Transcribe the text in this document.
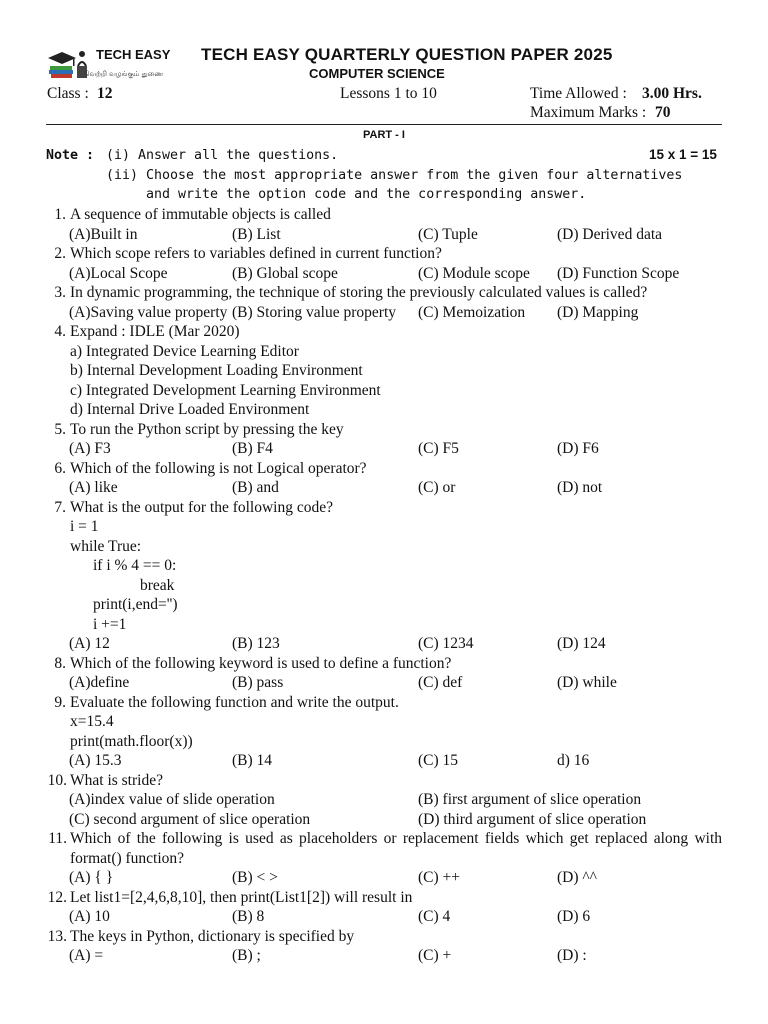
TECH EASY
வெற்றி வழங்கும் துணை
TECH EASY QUARTERLY QUESTION PAPER 2025
COMPUTER SCIENCE
Class : 12	Lessons 1 to 10	Time Allowed : 3.00 Hrs.
Maximum Marks : 70
PART - I
Note : (i) Answer all the questions.	15 x 1 = 15
(ii) Choose the most appropriate answer from the given four alternatives
and write the option code and the corresponding answer.
1. A sequence of immutable objects is called
(A)Built in	(B) List	(C) Tuple	(D) Derived data
2. Which scope refers to variables defined in current function?
(A)Local Scope	(B) Global scope	(C) Module scope (D) Function Scope
3. In dynamic programming, the technique of storing the previously calculated values is called?
(A)Saving value property (B) Storing value property (C) Memoization (D) Mapping
4. Expand : IDLE (Mar 2020)
a) Integrated Device Learning Editor
b) Internal Development Loading Environment
c) Integrated Development Learning Environment
d) Internal Drive Loaded Environment
5. To run the Python script by pressing the key
(A) F3	(B) F4	(C) F5	(D) F6
6. Which of the following is not Logical operator?
(A) like	(B) and	(C) or	(D) not
7. What is the output for the following code?
i = 1
while True:
if i % 4 == 0:
break
print(i,end='')
i +=1
(A) 12	(B) 123	(C) 1234	(D) 124
8. Which of the following keyword is used to define a function?
(A)define	(B) pass	(C) def	(D) while
9. Evaluate the following function and write the output.
x=15.4
print(math.floor(x))
(A) 15.3	(B) 14	(C) 15	d) 16
10. What is stride?
(A)index value of slide operation	(B) first argument of slice operation
(C) second argument of slice operation	(D) third argument of slice operation
11. Which of the following is used as placeholders or replacement fields which get replaced along with
format() function?
(A) { }	(B) < >	(C) ++	(D) ^^
12. Let list1=[2,4,6,8,10], then print(List1[2]) will result in
(A) 10	(B) 8	(C) 4	(D) 6
13. The keys in Python, dictionary is specified by
(A) =	(B) ;	(C) +	(D) :
